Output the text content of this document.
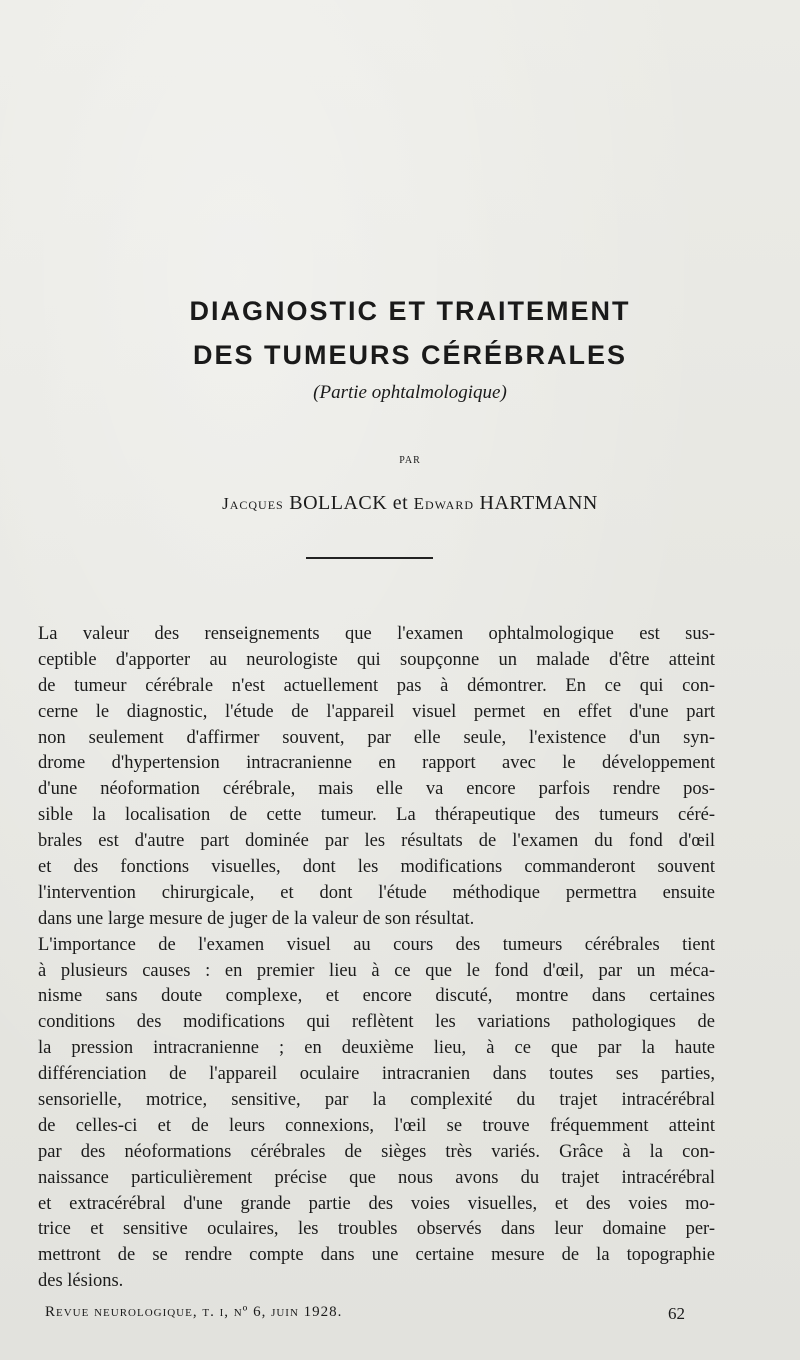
DIAGNOSTIC ET TRAITEMENT
DES TUMEURS CÉRÉBRALES
(Partie ophtalmologique)
PAR
Jacques BOLLACK et Edward HARTMANN
La valeur des renseignements que l'examen ophtalmologique est sus-
ceptible d'apporter au neurologiste qui soupçonne un malade d'être atteint
de tumeur cérébrale n'est actuellement pas à démontrer. En ce qui con-
cerne le diagnostic, l'étude de l'appareil visuel permet en effet d'une part
non seulement d'affirmer souvent, par elle seule, l'existence d'un syn-
drome d'hypertension intracranienne en rapport avec le développement
d'une néoformation cérébrale, mais elle va encore parfois rendre pos-
sible la localisation de cette tumeur. La thérapeutique des tumeurs céré-
brales est d'autre part dominée par les résultats de l'examen du fond d'œil
et des fonctions visuelles, dont les modifications commanderont souvent
l'intervention chirurgicale, et dont l'étude méthodique permettra ensuite
dans une large mesure de juger de la valeur de son résultat.
L'importance de l'examen visuel au cours des tumeurs cérébrales tient
à plusieurs causes : en premier lieu à ce que le fond d'œil, par un méca-
nisme sans doute complexe, et encore discuté, montre dans certaines
conditions des modifications qui reflètent les variations pathologiques de
la pression intracranienne ; en deuxième lieu, à ce que par la haute
différenciation de l'appareil oculaire intracranien dans toutes ses parties,
sensorielle, motrice, sensitive, par la complexité du trajet intracérébral
de celles-ci et de leurs connexions, l'œil se trouve fréquemment atteint
par des néoformations cérébrales de sièges très variés. Grâce à la con-
naissance particulièrement précise que nous avons du trajet intracérébral
et extracérébral d'une grande partie des voies visuelles, et des voies mo-
trice et sensitive oculaires, les troubles observés dans leur domaine per-
mettront de se rendre compte dans une certaine mesure de la topographie
des lésions.
Revue neurologique, t. i, nº 6, juin 1928.	62
